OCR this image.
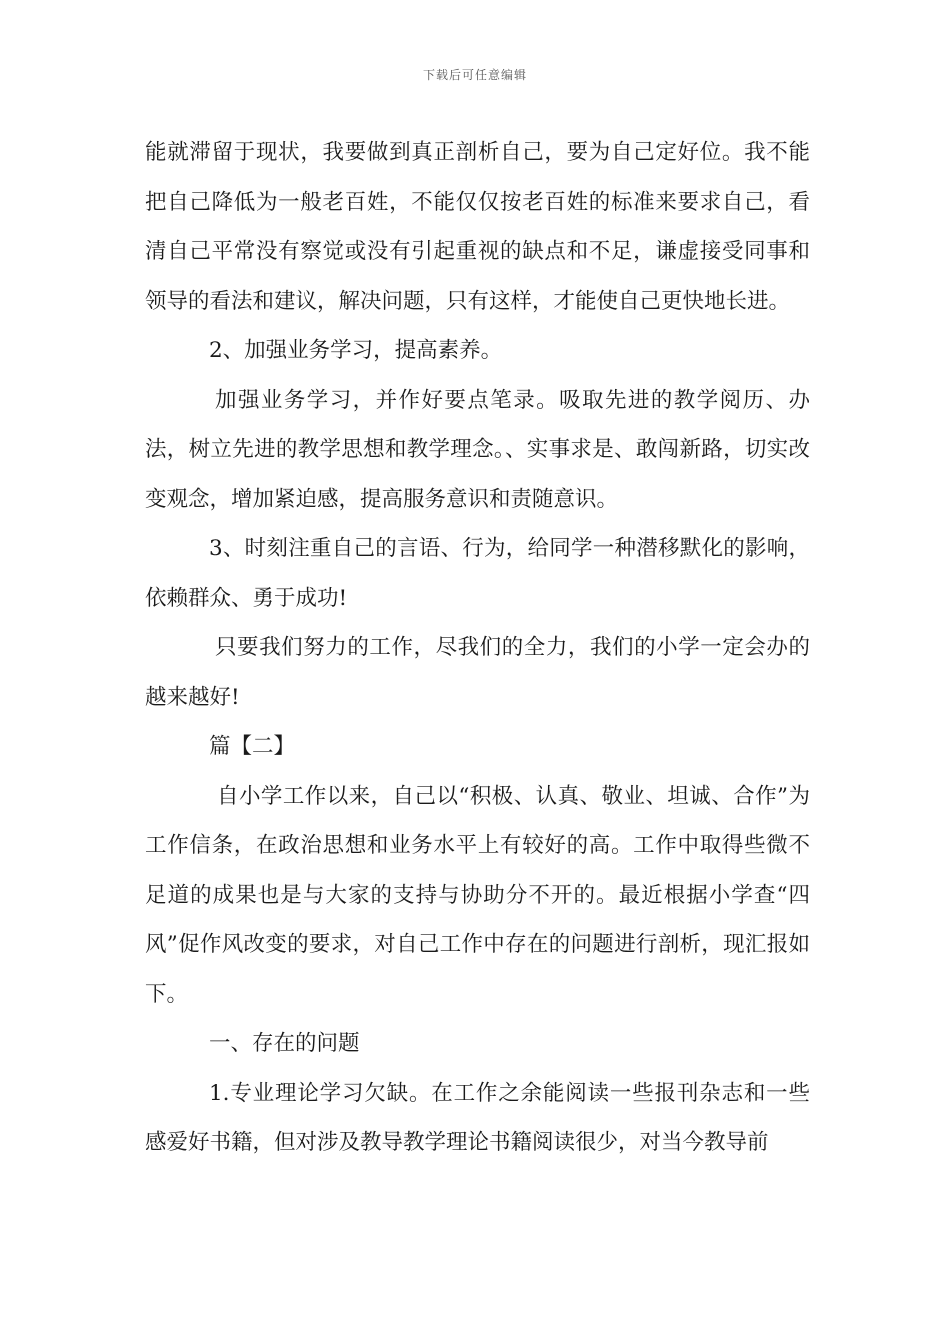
下载后可任意编辑

能就滞留于现状，我要做到真正剖析自己，要为自己定好位。我不能把自己降低为一般老百姓，不能仅仅按老百姓的标准来要求自己，看清自己平常没有察觉或没有引起重视的缺点和不足，谦虚接受同事和领导的看法和建议，解决问题，只有这样，才能使自己更快地长进。

2、加强业务学习，提高素养。

加强业务学习，并作好要点笔录。吸取先进的教学阅历、办法，树立先进的教学思想和教学理念。、实事求是、敢闯新路，切实改变观念，增加紧迫感，提高服务意识和责随意识。

3、时刻注重自己的言语、行为，给同学一种潜移默化的影响，依赖群众、勇于成功!

只要我们努力的工作，尽我们的全力，我们的小学一定会办的越来越好!

篇【二】

自小学工作以来，自己以“积极、认真、敬业、坦诚、合作”为工作信条，在政治思想和业务水平上有较好的高。工作中取得些微不足道的成果也是与大家的支持与协助分不开的。最近根据小学查“四风”促作风改变的要求，对自己工作中存在的问题进行剖析，现汇报如下。

一、存在的问题

1.专业理论学习欠缺。在工作之余能阅读一些报刊杂志和一些感爱好书籍，但对涉及教导教学理论书籍阅读很少，对当今教导前
